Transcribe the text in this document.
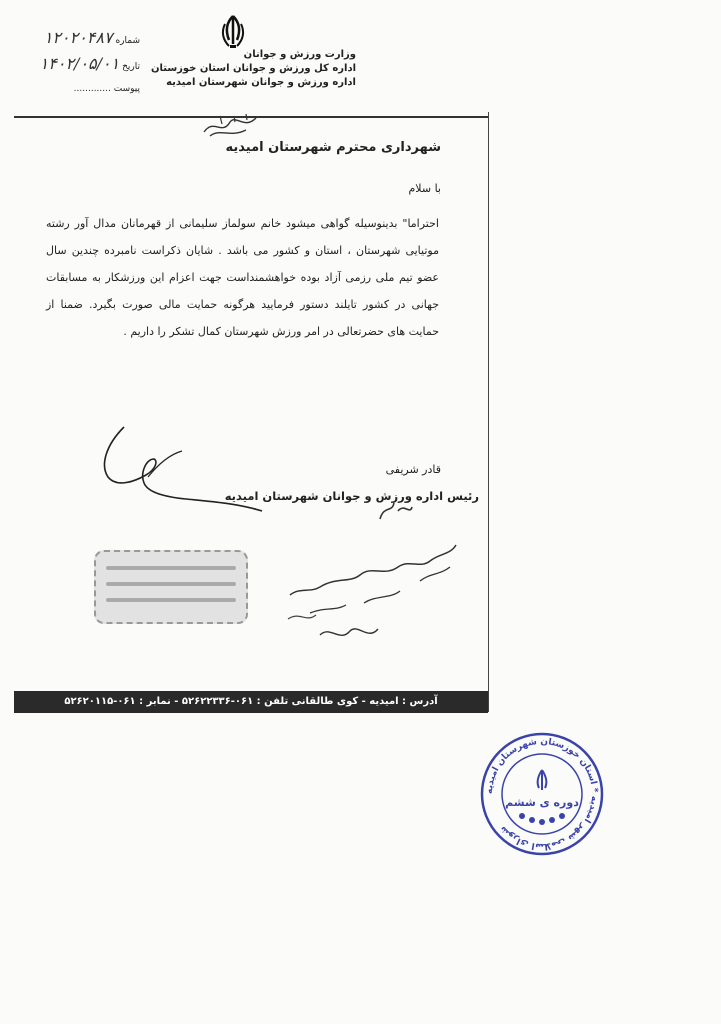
وزارت ورزش و جوانان
اداره کل ورزش و جوانان استان خوزستان
اداره ورزش و جوانان شهرستان امیدیه
شماره ۱۲۰۲۰۴۸۷
تاریخ ۱۴۰۲/۰۵/۰۱
پیوست .............
شهرداری محترم شهرستان امیدیه
با سلام
احتراما" بدینوسیله گواهی میشود خانم سولماز سلیمانی از قهرمانان مدال آور رشته موتیایی شهرستان ، استان و کشور می باشد . شایان ذکراست نامبرده چندین سال عضو تیم ملی رزمی آزاد بوده خواهشمنداست جهت اعزام این ورزشکار به مسابقات جهانی در کشور تایلند دستور فرمایید هرگونه حمایت مالی صورت بگیرد. ضمنا از حمایت های حضرتعالی در امر ورزش شهرستان کمال تشکر را داریم .
قادر شریفی
رئیس اداره ورزش و جوانان شهرستان امیدیه
آدرس : امیدیه - کوی طالقانی تلفن : ۰۶۱-۵۲۶۲۲۳۳۶ - نمابر : ۰۶۱-۵۲۶۲۰۱۱۵
شورای اسلامی شهر امیدیه * استان خوزستان شهرستان امیدیه
دوره ی ششم
